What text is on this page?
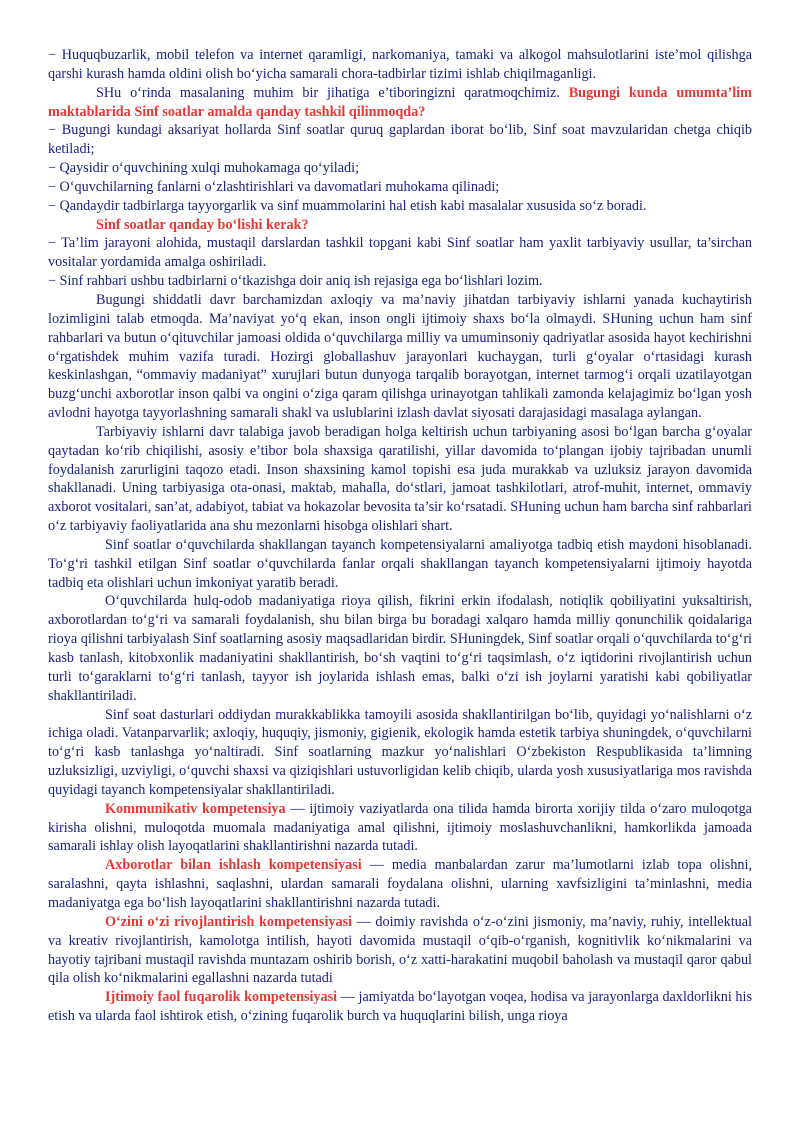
− Huquqbuzarlik, mobil telefon va internet qaramligi, narkomaniya, tamaki va alkogol mahsulotlarini iste’mol qilishga qarshi kurash hamda oldini olish bo‘yicha samarali chora-tadbirlar tizimi ishlab chiqilmaganligi.

SHu o‘rinda masalaning muhim bir jihatiga e’tiboringizni qaratmoqchimiz. Bugungi kunda umumta’lim maktablarida Sinf soatlar amalda qanday tashkil qilinmoqda?

− Bugungi kundagi aksariyat hollarda Sinf soatlar quruq gaplardan iborat bo‘lib, Sinf soat mavzularidan chetga chiqib ketiladi;

− Qaysidir o‘quvchining xulqi muhokamaga qo‘yiladi;

− O‘quvchilarning fanlarni o‘zlashtirishlari va davomatlari muhokama qilinadi;

− Qandaydir tadbirlarga tayyorgarlik va sinf muammolarini hal etish kabi masalalar xususida so‘z boradi.

Sinf soatlar qanday bo‘lishi kerak?

− Ta’lim jarayoni alohida, mustaqil darslardan tashkil topgani kabi Sinf soatlar ham yaxlit tarbiyaviy usullar, ta’sirchan vositalar yordamida amalga oshiriladi.

− Sinf rahbari ushbu tadbirlarni o‘tkazishga doir aniq ish rejasiga ega bo‘lishlari lozim.

Bugungi shiddatli davr barchamizdan axloqiy va ma’naviy jihatdan tarbiyaviy ishlarni yanada kuchaytirish lozimligini talab etmoqda. Ma’naviyat yo‘q ekan, inson ongli ijtimoiy shaxs bo‘la olmaydi. SHuning uchun ham sinf rahbarlari va butun o‘qituvchilar jamoasi oldida o‘quvchilarga milliy va umuminsoniy qadriyatlar asosida hayot kechirishni o‘rgatishdek muhim vazifa turadi. Hozirgi globallashuv jarayonlari kuchaygan, turli g‘oyalar o‘rtasidagi kurash keskinlashgan, “ommaviy madaniyat” xurujlari butun dunyoga tarqalib borayotgan, internet tarmog‘i orqali uzatilayotgan buzg‘unchi axborotlar inson qalbi va ongini o‘ziga qaram qilishga urinayotgan tahlikali zamonda kelajagimiz bo‘lgan yosh avlodni hayotga tayyorlashning samarali shakl va uslublarini izlash davlat siyosati darajasidagi masalaga aylangan.

Tarbiyaviy ishlarni davr talabiga javob beradigan holga keltirish uchun tarbiyaning asosi bo‘lgan barcha g‘oyalar qaytadan ko‘rib chiqilishi, asosiy e’tibor bola shaxsiga qaratilishi, yillar davomida to‘plangan ijobiy tajribadan unumli foydalanish zarurligini taqozo etadi. Inson shaxsining kamol topishi esa juda murakkab va uzluksiz jarayon davomida shakllanadi. Uning tarbiyasiga ota-onasi, maktab, mahalla, do‘stlari, jamoat tashkilotlari, atrof-muhit, internet, ommaviy axborot vositalari, san’at, adabiyot, tabiat va hokazolar bevosita ta’sir ko‘rsatadi. SHuning uchun ham barcha sinf rahbarlari o‘z tarbiyaviy faoliyatlarida ana shu mezonlarni hisobga olishlari shart.

Sinf soatlar o‘quvchilarda shakllangan tayanch kompetensiyalarni amaliyotga tadbiq etish maydoni hisoblanadi. To‘g‘ri tashkil etilgan Sinf soatlar o‘quvchilarda fanlar orqali shakllangan tayanch kompetensiyalarni ijtimoiy hayotda tadbiq eta olishlari uchun imkoniyat yaratib beradi.

O‘quvchilarda hulq-odob madaniyatiga rioya qilish, fikrini erkin ifodalash, notiqlik qobiliyatini yuksaltirish, axborotlardan to‘g‘ri va samarali foydalanish, shu bilan birga bu boradagi xalqaro hamda milliy qonunchilik qoidalariga rioya qilishni tarbiyalash Sinf soatlarning asosiy maqsadlaridan birdir. SHuningdek, Sinf soatlar orqali o‘quvchilarda to‘g‘ri kasb tanlash, kitobxonlik madaniyatini shakllantirish, bo‘sh vaqtini to‘g‘ri taqsimlash, o‘z iqtidorini rivojlantirish uchun turli to‘garaklarni to‘g‘ri tanlash, tayyor ish joylarida ishlash emas, balki o‘zi ish joylarni yaratishi kabi qobiliyatlar shakllantiriladi.

Sinf soat dasturlari oddiydan murakkablikka tamoyili asosida shakllantirilgan bo‘lib, quyidagi yo‘nalishlarni o‘z ichiga oladi. Vatanparvarlik; axloqiy, huquqiy, jismoniy, gigienik, ekologik hamda estetik tarbiya shuningdek, o‘quvchilarni to‘g‘ri kasb tanlashga yo‘naltiradi. Sinf soatlarning mazkur yo‘nalishlari O‘zbekiston Respublikasida ta’limning uzluksizligi, uzviyligi, o‘quvchi shaxsi va qiziqishlari ustuvorligidan kelib chiqib, ularda yosh xususiyatlariga mos ravishda quyidagi tayanch kompetensiyalar shakllantiriladi.

Kommunikativ kompetensiya — ijtimoiy vaziyatlarda ona tilida hamda birorta xorijiy tilda o‘zaro muloqotga kirisha olishni, muloqotda muomala madaniyatiga amal qilishni, ijtimoiy moslashuvchanlikni, hamkorlikda jamoada samarali ishlay olish layoqatlarini shakllantirishni nazarda tutadi.

Axborotlar bilan ishlash kompetensiyasi — media manbalardan zarur ma’lumotlarni izlab topa olishni, saralashni, qayta ishlashni, saqlashni, ulardan samarali foydalana olishni, ularning xavfsizligini ta’minlashni, media madaniyatga ega bo‘lish layoqatlarini shakllantirishni nazarda tutadi.

O‘zini o‘zi rivojlantirish kompetensiyasi — doimiy ravishda o‘z-o‘zini jismoniy, ma’naviy, ruhiy, intellektual va kreativ rivojlantirish, kamolotga intilish, hayoti davomida mustaqil o‘qib-o‘rganish, kognitivlik ko‘nikmalarini va hayotiy tajribani mustaqil ravishda muntazam oshirib borish, o‘z xatti-harakatini muqobil baholash va mustaqil qaror qabul qila olish ko‘nikmalarini egallashni nazarda tutadi

Ijtimoiy faol fuqarolik kompetensiyasi — jamiyatda bo‘layotgan voqea, hodisa va jarayonlarga daxldorlikni his etish va ularda faol ishtirok etish, o‘zining fuqarolik burch va huquqlarini bilish, unga rioya
